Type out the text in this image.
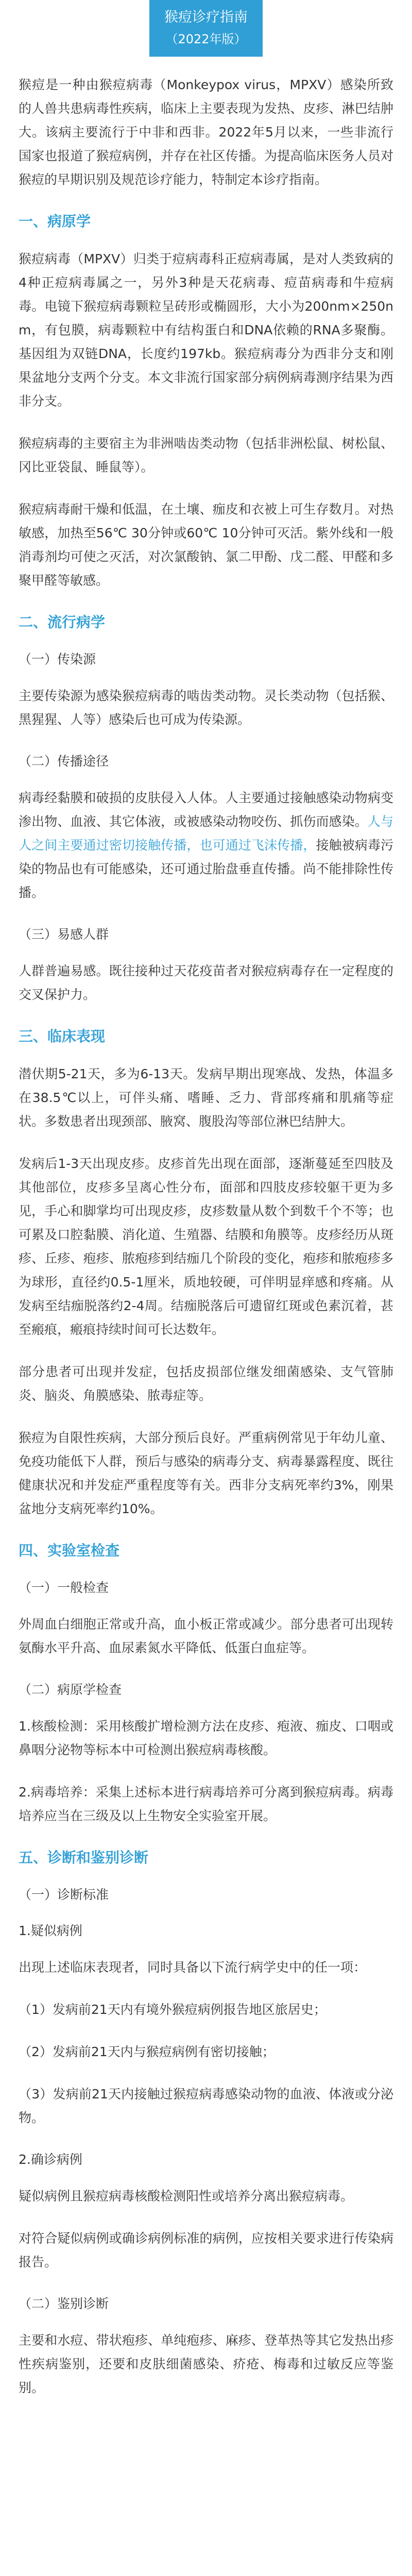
猴痘诊疗指南
（2022年版）

猴痘是一种由猴痘病毒（Monkeypox virus，MPXV）感染所致的人兽共患病毒性疾病，临床上主要表现为发热、皮疹、淋巴结肿大。该病主要流行于中非和西非。2022年5月以来，一些非流行国家也报道了猴痘病例，并存在社区传播。为提高临床医务人员对猴痘的早期识别及规范诊疗能力，特制定本诊疗指南。

一、病原学

猴痘病毒（MPXV）归类于痘病毒科正痘病毒属，是对人类致病的4种正痘病毒属之一，另外3种是天花病毒、痘苗病毒和牛痘病毒。电镜下猴痘病毒颗粒呈砖形或椭圆形，大小为200nm×250nm，有包膜，病毒颗粒中有结构蛋白和DNA依赖的RNA多聚酶。基因组为双链DNA，长度约197kb。猴痘病毒分为西非分支和刚果盆地分支两个分支。本文非流行国家部分病例病毒测序结果为西非分支。

猴痘病毒的主要宿主为非洲啮齿类动物（包括非洲松鼠、树松鼠、冈比亚袋鼠、睡鼠等）。

猴痘病毒耐干燥和低温，在土壤、痂皮和衣被上可生存数月。对热敏感，加热至56℃ 30分钟或60℃ 10分钟可灭活。紫外线和一般消毒剂均可使之灭活，对次氯酸钠、氯二甲酚、戊二醛、甲醛和多聚甲醛等敏感。

二、流行病学
（一）传染源

主要传染源为感染猴痘病毒的啮齿类动物。灵长类动物（包括猴、黑猩猩、人等）感染后也可成为传染源。

（二）传播途径

病毒经黏膜和破损的皮肤侵入人体。人主要通过接触感染动物病变渗出物、血液、其它体液，或被感染动物咬伤、抓伤而感染。人与人之间主要通过密切接触传播，也可通过飞沫传播，接触被病毒污染的物品也有可能感染，还可通过胎盘垂直传播。尚不能排除性传播。

（三）易感人群

人群普遍易感。既往接种过天花疫苗者对猴痘病毒存在一定程度的交叉保护力。

三、临床表现

潜伏期5-21天，多为6-13天。发病早期出现寒战、发热，体温多在38.5℃以上，可伴头痛、嗜睡、乏力、背部疼痛和肌痛等症状。多数患者出现颈部、腋窝、腹股沟等部位淋巴结肿大。

发病后1-3天出现皮疹。皮疹首先出现在面部，逐渐蔓延至四肢及其他部位，皮疹多呈离心性分布，面部和四肢皮疹较躯干更为多见，手心和脚掌均可出现皮疹，皮疹数量从数个到数千个不等；也可累及口腔黏膜、消化道、生殖器、结膜和角膜等。皮疹经历从斑疹、丘疹、疱疹、脓疱疹到结痂几个阶段的变化，疱疹和脓疱疹多为球形，直径约0.5-1厘米，质地较硬，可伴明显痒感和疼痛。从发病至结痂脱落约2-4周。结痂脱落后可遗留红斑或色素沉着，甚至瘢痕，瘢痕持续时间可长达数年。

部分患者可出现并发症，包括皮损部位继发细菌感染、支气管肺炎、脑炎、角膜感染、脓毒症等。

猴痘为自限性疾病，大部分预后良好。严重病例常见于年幼儿童、免疫功能低下人群，预后与感染的病毒分支、病毒暴露程度、既往健康状况和并发症严重程度等有关。西非分支病死率约3%，刚果盆地分支病死率约10%。

四、实验室检查
（一）一般检查

外周血白细胞正常或升高，血小板正常或减少。部分患者可出现转氨酶水平升高、血尿素氮水平降低、低蛋白血症等。

（二）病原学检查

1.核酸检测：采用核酸扩增检测方法在皮疹、疱液、痂皮、口咽或鼻咽分泌物等标本中可检测出猴痘病毒核酸。

2.病毒培养：采集上述标本进行病毒培养可分离到猴痘病毒。病毒培养应当在三级及以上生物安全实验室开展。

五、诊断和鉴别诊断
（一）诊断标准
1.疑似病例

出现上述临床表现者，同时具备以下流行病学史中的任一项：

（1）发病前21天内有境外猴痘病例报告地区旅居史；

（2）发病前21天内与猴痘病例有密切接触；

（3）发病前21天内接触过猴痘病毒感染动物的血液、体液或分泌物。

2.确诊病例

疑似病例且猴痘病毒核酸检测阳性或培养分离出猴痘病毒。

对符合疑似病例或确诊病例标准的病例，应按相关要求进行传染病报告。

（二）鉴别诊断

主要和水痘、带状疱疹、单纯疱疹、麻疹、登革热等其它发热出疹性疾病鉴别，还要和皮肤细菌感染、疥疮、梅毒和过敏反应等鉴别。
